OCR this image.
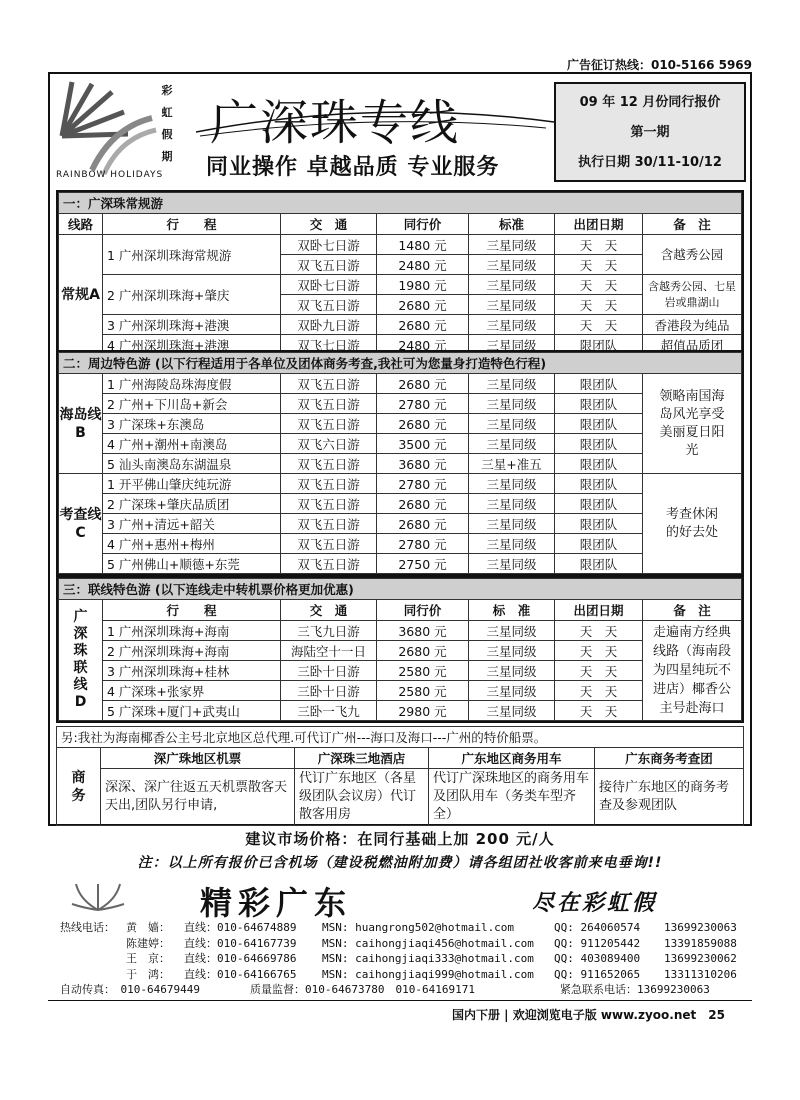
广告征订热线：010-5166 5969
彩
虹
假
期
RAINBOW HOLIDAYS
广深珠专线
同业操作 卓越品质 专业服务
09 年 12 月份同行报价
第一期
执行日期 30/11-10/12
一：广深珠常规游						
线路	行　　程	交　通	同行价	标准	出团日期	备　注
常规A	1 广州深圳珠海常规游	双卧七日游	1480 元	三星同级	天　天	含越秀公园
		双飞五日游	2480 元	三星同级	天　天	
	2 广州深圳珠海+肇庆	双卧七日游	1980 元	三星同级	天　天	含越秀公园、七星岩或鼎湖山
		双飞五日游	2680 元	三星同级	天　天	
	3 广州深圳珠海+港澳	双卧九日游	2680 元	三星同级	天　天	香港段为纯品
	4 广州深圳珠海+港澳	双飞七日游	2480 元	三星同级	限团队	超值品质团
二：周边特色游 (以下行程适用于各单位及团体商务考查,我社可为您量身打造特色行程)						
海岛线 B	1 广州海陵岛珠海度假	双飞五日游	2680 元	三星同级	限团队	领略南国海岛风光享受美丽夏日阳光
	2 广州+下川岛+新会	双飞五日游	2780 元	三星同级	限团队	
	3 广深珠+东澳岛	双飞五日游	2680 元	三星同级	限团队	
	4 广州+潮州+南澳岛	双飞六日游	3500 元	三星同级	限团队	
	5 汕头南澳岛东湖温泉	双飞五日游	3680 元	三星+准五	限团队	
考查线 C	1 开平佛山肇庆纯玩游	双飞五日游	2780 元	三星同级	限团队	考查休闲的好去处
	2 广深珠+肇庆品质团	双飞五日游	2680 元	三星同级	限团队	
	3 广州+清远+韶关	双飞五日游	2680 元	三星同级	限团队	
	4 广州+惠州+梅州	双飞五日游	2780 元	三星同级	限团队	
	5 广州佛山+顺德+东莞	双飞五日游	2750 元	三星同级	限团队	
三：联线特色游 (以下连线走中转机票价格更加优惠)						
广深珠联线D	行　　程	交　通	同行价	标　准	出团日期	备　注
	1 广州深圳珠海+海南	三飞九日游	3680 元	三星同级	天　天	走遍南方经典线路（海南段为四星纯玩不进店）椰香公主号赴海口
	2 广州深圳珠海+海南	海陆空十一日	2680 元	三星同级	天　天	
	3 广州深圳珠海+桂林	三卧十日游	2580 元	三星同级	天　天	
	4 广深珠+张家界	三卧十日游	2580 元	三星同级	天　天	
	5 广深珠+厦门+武夷山	三卧一飞九	2980 元	三星同级	天　天	
另:我社为海南椰香公主号北京地区总代理.可代订广州---海口及海口---广州的特价船票。				
商务	深广珠地区机票	广深珠三地酒店	广东地区商务用车	广东商务考查团
	深深、深广往返五天机票散客天天出,团队另行申请,	代订广东地区（各星级团队会议房）代订散客用房	代订广深珠地区的商务用车及团队用车（务类车型齐全）	接待广东地区的商务考查及参观团队
建议市场价格：在同行基础上加 200 元/人
注：以上所有报价已含机场（建设税燃油附加费）请各组团社收客前来电垂询!!
精彩广东	尽在彩虹假
热线电话：	黄　嫱：	直线：010-64674889	MSN: huangrong502@hotmail.com	QQ: 264060574	13699230063
陈建婷：	直线：010-64167739	MSN: caihongjiaqi456@hotmail.com	QQ: 911205442	13391859088
王　京：	直线：010-64669786	MSN: caihongjiaqi333@hotmail.com	QQ: 403089400	13699230062
于　鸿：	直线：010-64166765	MSN: caihongjiaqi999@hotmail.com	QQ: 911652065	13311310206
自动传真：　010-64679449	质量监督：010-64673780　010-64169171	紧急联系电话：13699230063
国内下册 | 欢迎浏览电子版 www.zyoo.net　25
